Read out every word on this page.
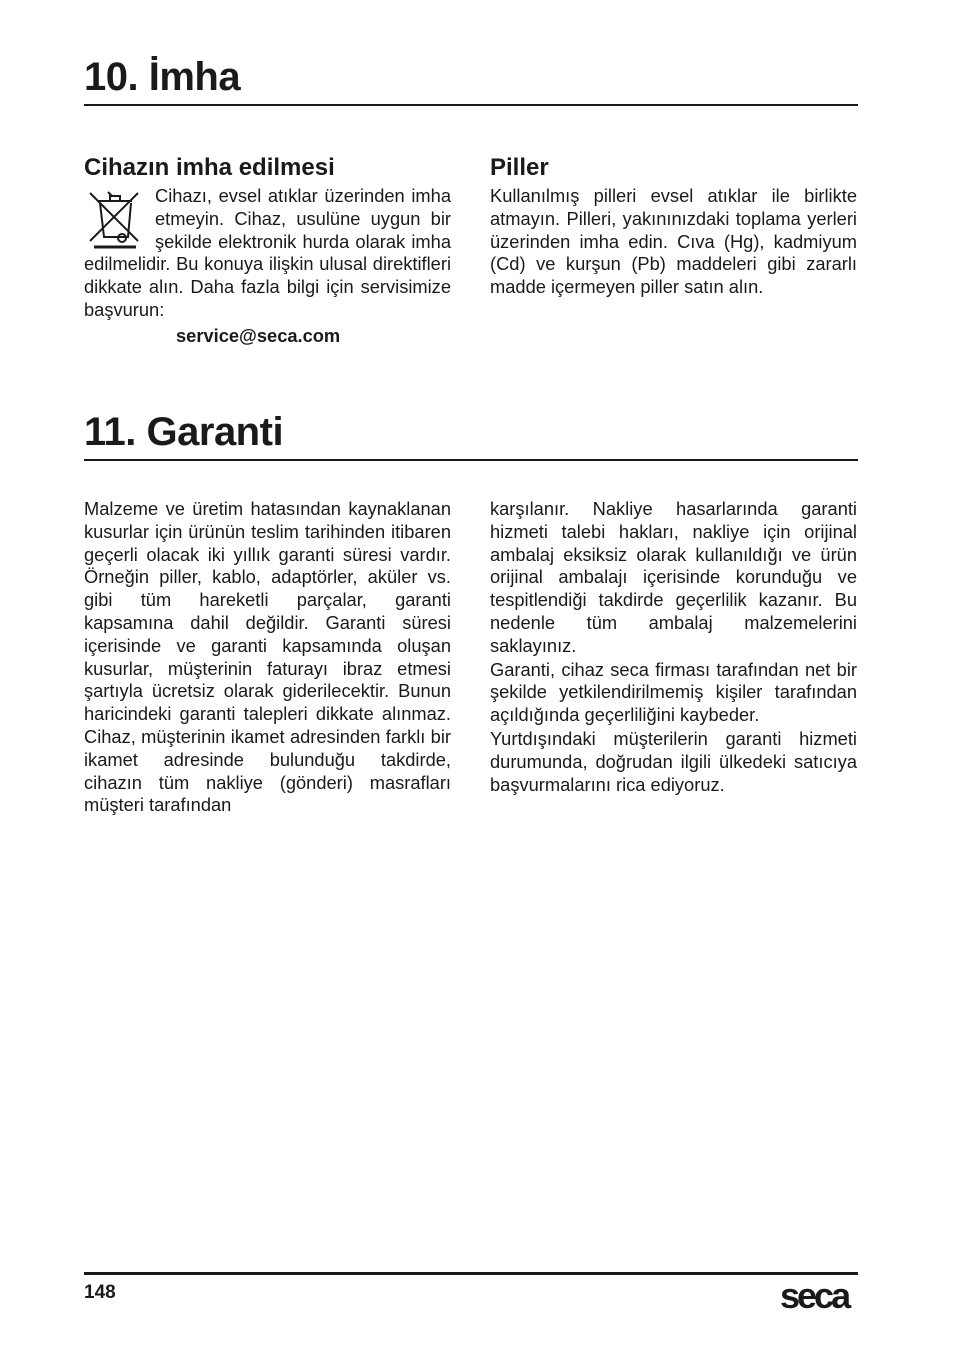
10. İmha
Cihazın imha edilmesi

Cihazı, evsel atıklar üzerinden imha etmeyin. Cihaz, usulüne uygun bir şekilde elektronik hurda olarak imha edilmelidir. Bu konuya ilişkin ulusal direktifleri dikkate alın. Daha fazla bilgi için servisimize başvurun:

service@seca.com
Piller

Kullanılmış pilleri evsel atıklar ile birlikte atmayın. Pilleri, yakınınızdaki toplama yerleri üzerinden imha edin. Cıva (Hg), kadmiyum (Cd) ve kurşun (Pb) maddeleri gibi zararlı madde içermeyen piller satın alın.

11. Garanti

Malzeme ve üretim hatasından kaynaklanan kusurlar için ürünün teslim tarihinden itibaren geçerli olacak iki yıllık garanti süresi vardır. Örneğin piller, kablo, adaptörler, aküler vs. gibi tüm hareketli parçalar, garanti kapsamına dahil değildir. Garanti süresi içerisinde ve garanti kapsamında oluşan kusurlar, müşterinin faturayı ibraz etmesi şartıyla ücretsiz olarak giderilecektir. Bunun haricindeki garanti talepleri dikkate alınmaz. Cihaz, müşterinin ikamet adresinden farklı bir ikamet adresinde bulunduğu takdirde, cihazın tüm nakliye (gönderi) masrafları müşteri tarafından

karşılanır. Nakliye hasarlarında garanti hizmeti talebi hakları, nakliye için orijinal ambalaj eksiksiz olarak kullanıldığı ve ürün orijinal ambalajı içerisinde korunduğu ve tespitlendiği takdirde geçerlilik kazanır. Bu nedenle tüm ambalaj malzemelerini saklayınız.

Garanti, cihaz seca firması tarafından net bir şekilde yetkilendirilmemiş kişiler tarafından açıldığında geçerliliğini kaybeder.

Yurtdışındaki müşterilerin garanti hizmeti durumunda, doğrudan ilgili ülkedeki satıcıya başvurmalarını rica ediyoruz.

148	seca
